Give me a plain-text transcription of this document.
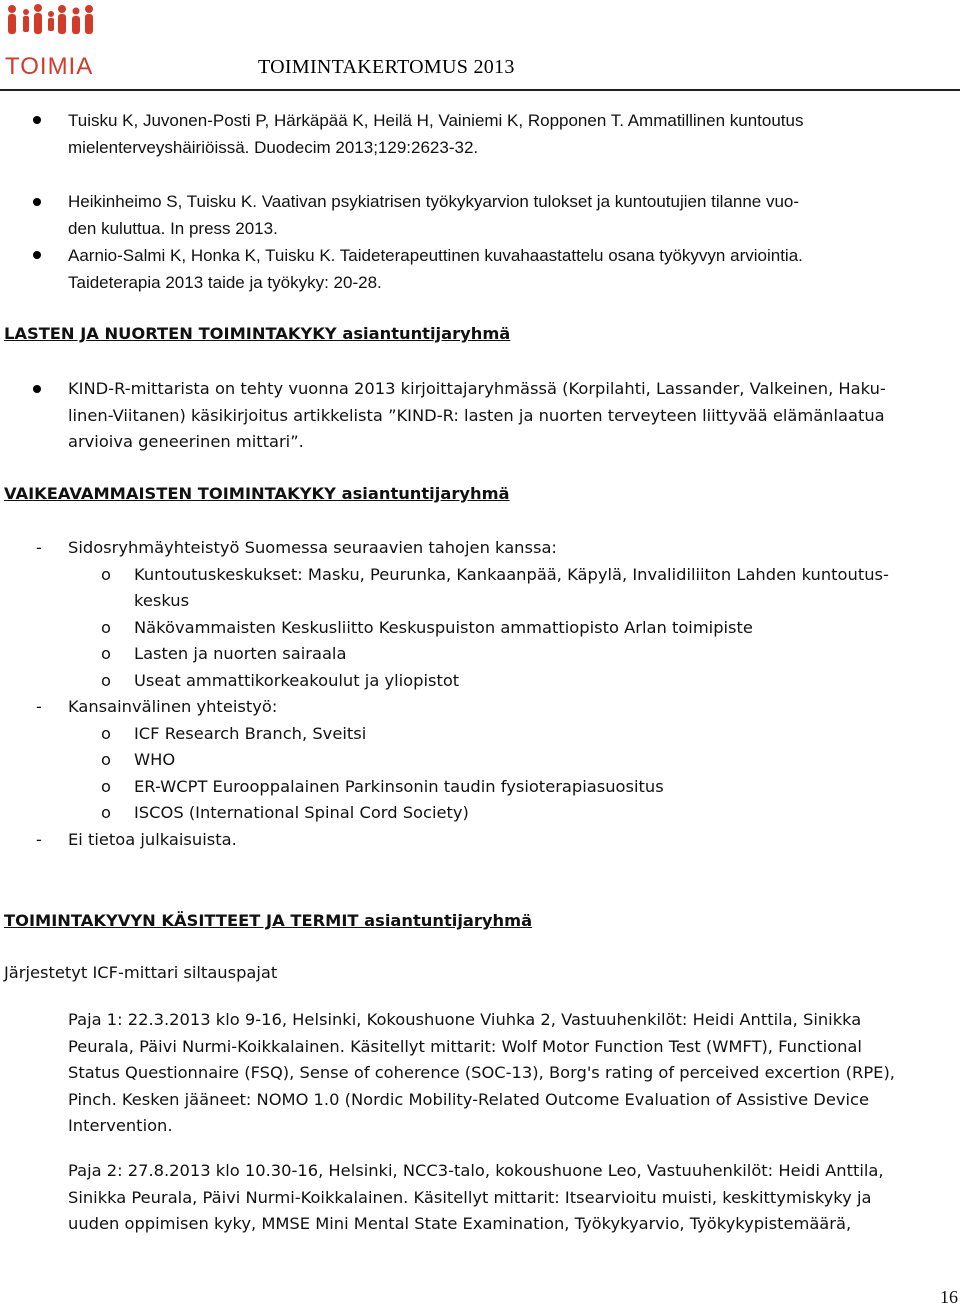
TOIMIA	TOIMINTAKERTOMUS 2013
Tuisku K, Juvonen-Posti P, Härkäpää K, Heilä H, Vainiemi K, Ropponen T. Ammatillinen kuntoutus
mielenterveyshäiriöissä. Duodecim 2013;129:2623-32.
Heikinheimo S, Tuisku K. Vaativan psykiatrisen työkykyarvion tulokset ja kuntoutujien tilanne vuo-
den kuluttua. In press 2013.
Aarnio-Salmi K, Honka K, Tuisku K. Taideterapeuttinen kuvahaastattelu osana työkyvyn arviointia.
Taideterapia 2013 taide ja työkyky: 20-28.
LASTEN JA NUORTEN TOIMINTAKYKY asiantuntijaryhmä
KIND-R-mittarista on tehty vuonna 2013 kirjoittajaryhmässä (Korpilahti, Lassander, Valkeinen, Haku-
linen-Viitanen) käsikirjoitus artikkelista ”KIND-R: lasten ja nuorten terveyteen liittyvää elämänlaatua
arvioiva geneerinen mittari”.
VAIKEAVAMMAISTEN TOIMINTAKYKY asiantuntijaryhmä
- Sidosryhmäyhteistyö Suomessa seuraavien tahojen kanssa:
o Kuntoutuskeskukset: Masku, Peurunka, Kankaanpää, Käpylä, Invalidiliiton Lahden kuntoutus-
keskus
o Näkövammaisten Keskusliitto Keskuspuiston ammattiopisto Arlan toimipiste
o Lasten ja nuorten sairaala
o Useat ammattikorkeakoulut ja yliopistot
- Kansainvälinen yhteistyö:
o ICF Research Branch, Sveitsi
o WHO
o ER-WCPT Eurooppalainen Parkinsonin taudin fysioterapiasuositus
o ISCOS (International Spinal Cord Society)
- Ei tietoa julkaisuista.
TOIMINTAKYVYN KÄSITTEET JA TERMIT asiantuntijaryhmä
Järjestetyt ICF-mittari siltauspajat
Paja 1: 22.3.2013 klo 9-16, Helsinki, Kokoushuone Viuhka 2, Vastuuhenkilöt: Heidi Anttila, Sinikka
Peurala, Päivi Nurmi-Koikkalainen. Käsitellyt mittarit: Wolf Motor Function Test (WMFT), Functional
Status Questionnaire (FSQ), Sense of coherence (SOC-13), Borg's rating of perceived excertion (RPE),
Pinch. Kesken jääneet: NOMO 1.0 (Nordic Mobility-Related Outcome Evaluation of Assistive Device
Intervention.
Paja 2: 27.8.2013 klo 10.30-16, Helsinki, NCC3-talo, kokoushuone Leo, Vastuuhenkilöt: Heidi Anttila,
Sinikka Peurala, Päivi Nurmi-Koikkalainen. Käsitellyt mittarit: Itsearvioitu muisti, keskittymiskyky ja
uuden oppimisen kyky, MMSE Mini Mental State Examination, Työkykyarvio, Työkykypistemäärä,
16
